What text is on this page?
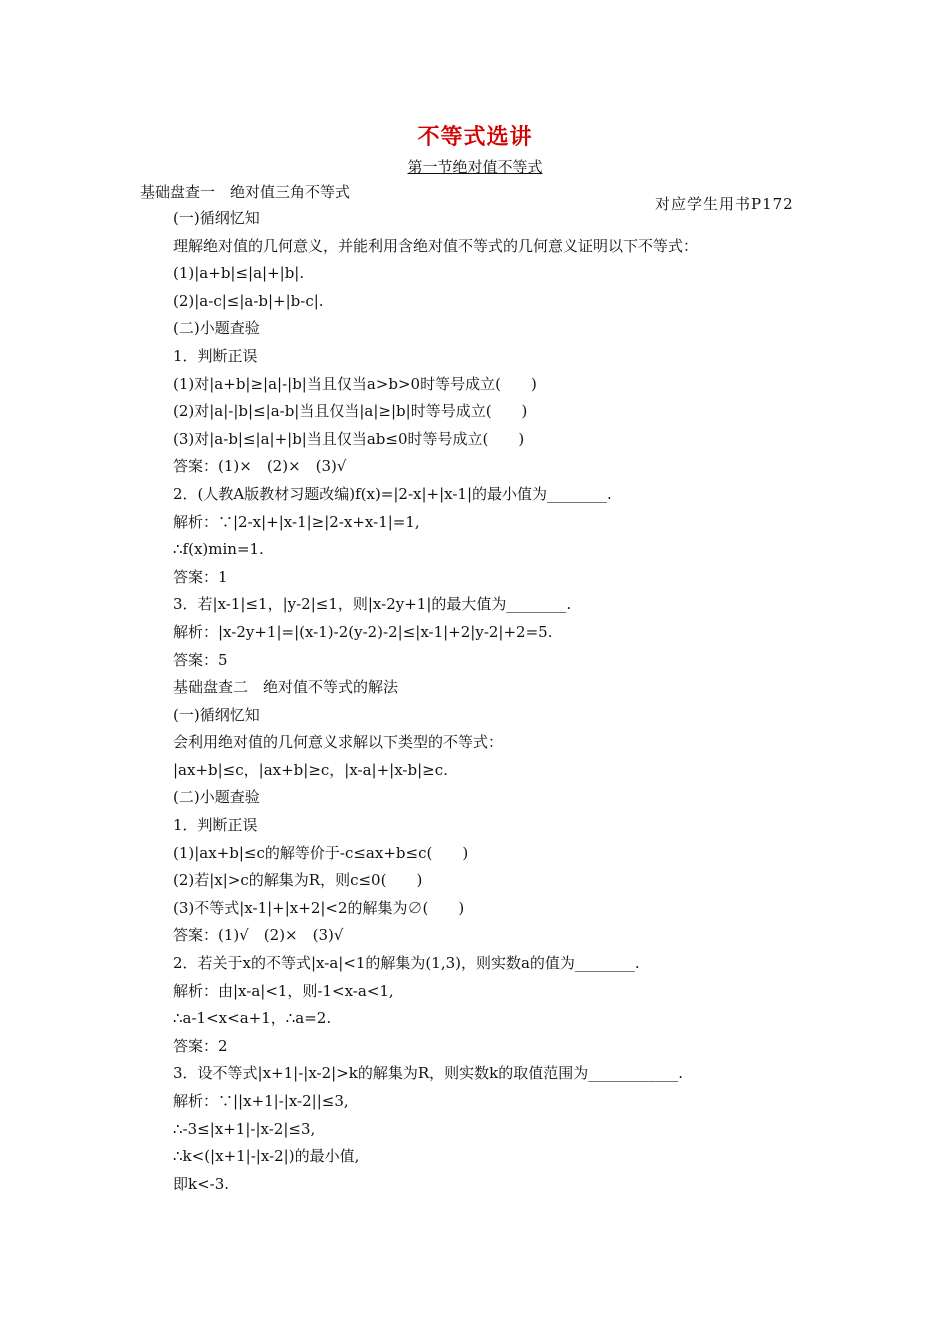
不等式选讲
第一节绝对值不等式
基础盘查一　绝对值三角不等式
对应学生用书P172
(一)循纲忆知
理解绝对值的几何意义，并能利用含绝对值不等式的几何意义证明以下不等式：
(1)|a+b|≤|a|+|b|.
(2)|a-c|≤|a-b|+|b-c|.
(二)小题查验
1．判断正误
(1)对|a+b|≥|a|-|b|当且仅当a>b>0时等号成立(　　)
(2)对|a|-|b|≤|a-b|当且仅当|a|≥|b|时等号成立(　　)
(3)对|a-b|≤|a|+|b|当且仅当ab≤0时等号成立(　　)
答案：(1)×　(2)×　(3)√
2．(人教A版教材习题改编)f(x)=|2-x|+|x-1|的最小值为________.
解析：∵|2-x|+|x-1|≥|2-x+x-1|=1,
∴f(x)min=1.
答案：1
3．若|x-1|≤1，|y-2|≤1，则|x-2y+1|的最大值为________.
解析：|x-2y+1|=|(x-1)-2(y-2)-2|≤|x-1|+2|y-2|+2=5.
答案：5
基础盘查二　绝对值不等式的解法
(一)循纲忆知
会利用绝对值的几何意义求解以下类型的不等式：
|ax+b|≤c，|ax+b|≥c，|x-a|+|x-b|≥c.
(二)小题查验
1．判断正误
(1)|ax+b|≤c的解等价于-c≤ax+b≤c(　　)
(2)若|x|>c的解集为R，则c≤0(　　)
(3)不等式|x-1|+|x+2|<2的解集为∅(　　)
答案：(1)√　(2)×　(3)√
2．若关于x的不等式|x-a|<1的解集为(1,3)，则实数a的值为________.
解析：由|x-a|<1，则-1<x-a<1,
∴a-1<x<a+1，∴a=2.
答案：2
3．设不等式|x+1|-|x-2|>k的解集为R，则实数k的取值范围为____________.
解析：∵||x+1|-|x-2||≤3,
∴-3≤|x+1|-|x-2|≤3,
∴k<(|x+1|-|x-2|)的最小值,
即k<-3.
